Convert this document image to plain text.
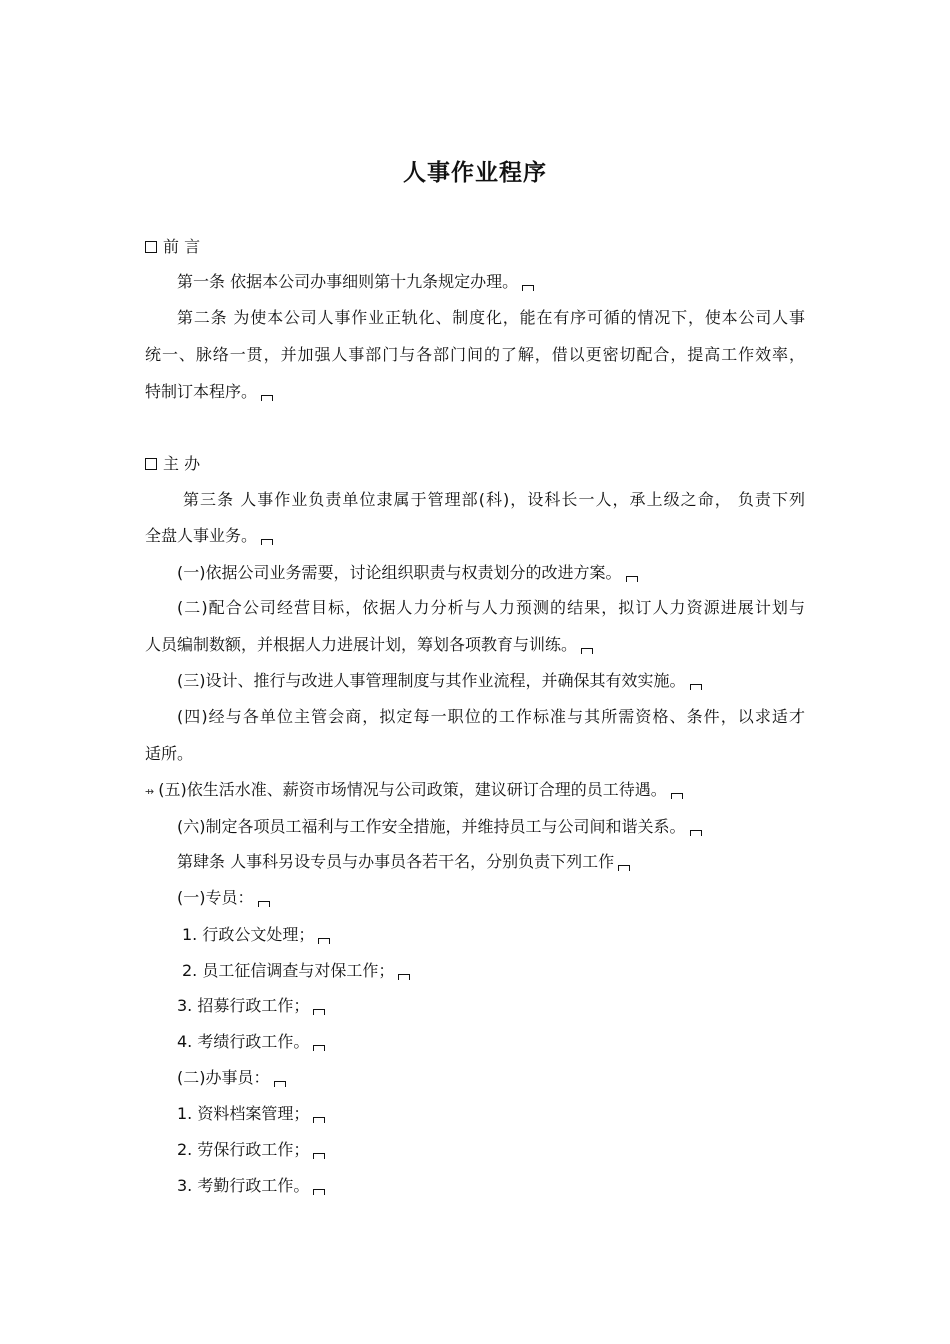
人事作业程序
前 言
第一条 依据本公司办事细则第十九条规定办理。
第二条 为使本公司人事作业正轨化、制度化，能在有序可循的情况下，使本公司人事
统一、脉络一贯，并加强人事部门与各部门间的了解，借以更密切配合，提高工作效率，
特制订本程序。
主 办
第三条 人事作业负责单位隶属于管理部(科)，设科长一人，承上级之命， 负责下列
全盘人事业务。
(一)依据公司业务需要，讨论组织职责与权责划分的改进方案。
(二)配合公司经营目标，依据人力分析与人力预测的结果，拟订人力资源进展计划与
人员编制数额，并根据人力进展计划，筹划各项教育与训练。
(三)设计、推行与改进人事管理制度与其作业流程，并确保其有效实施。
(四)经与各单位主管会商，拟定每一职位的工作标准与其所需资格、条件，以求适才
适所。
⇸ (五)依生活水准、薪资市场情况与公司政策，建议研订合理的员工待遇。
(六)制定各项员工福利与工作安全措施，并维持员工与公司间和谐关系。
第肆条 人事科另设专员与办事员各若干名，分别负责下列工作
(一)专员：
1. 行政公文处理；
2. 员工征信调查与对保工作；
3. 招募行政工作；
4. 考绩行政工作。
(二)办事员：
1. 资料档案管理；
2. 劳保行政工作；
3. 考勤行政工作。
